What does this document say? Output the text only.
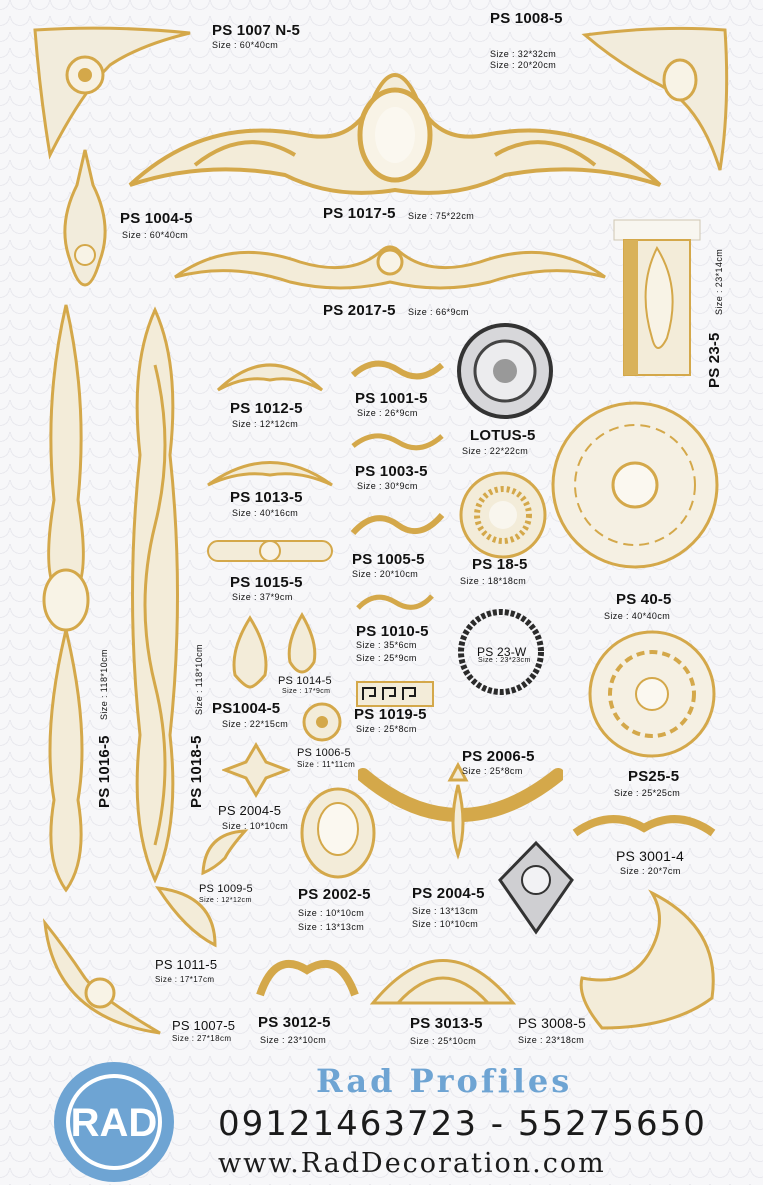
PS 1007 N-5
Size : 60*40cm
PS 1008-5
Size : 32*32cm
Size : 20*20cm
PS 1004-5
Size : 60*40cm
PS 1017-5 Size : 75*22cm
PS 2017-5 Size : 66*9cm
PS 23-5
Size : 23*14cm
PS 1012-5
Size : 12*12cm
PS 1001-5
Size : 26*9cm
LOTUS-5
Size : 22*22cm
PS 1003-5
Size : 30*9cm
PS 1013-5
Size : 40*16cm
PS 1005-5
Size : 20*10cm
PS 18-5
Size : 18*18cm
PS 1015-5
Size : 37*9cm	PS 40-5
Size : 40*40cm
PS 1010-5
Size : 35*6cm
Size : 25*9cm	PS 23-W
Size : 23*23cm
PS 1014-5
Size : 17*9cm
PS1004-5
Size : 22*15cm
PS 1019-5
Size : 25*8cm
PS 1006-5
Size : 11*11cm	PS 2006-5
Size : 25*8cm	PS25-5
Size : 25*25cm
PS 1016-5
Size : 118*10cm
PS 1018-5
Size : 118*10cm
PS 2004-5
Size : 10*10cm
PS 3001-4
Size : 20*7cm
PS 1009-5
Size : 12*12cm	PS 2002-5
Size : 10*10cm
Size : 13*13cm
PS 2004-5
Size : 13*13cm
Size : 10*10cm
PS 1011-5
Size : 17*17cm
PS 1007-5
Size : 27*18cm
PS 3012-5
Size : 23*10cm
PS 3013-5
Size : 25*10cm
PS 3008-5
Size : 23*18cm
RAD
Rad Profiles
09121463723 - 55275650
www.RadDecoration.com
